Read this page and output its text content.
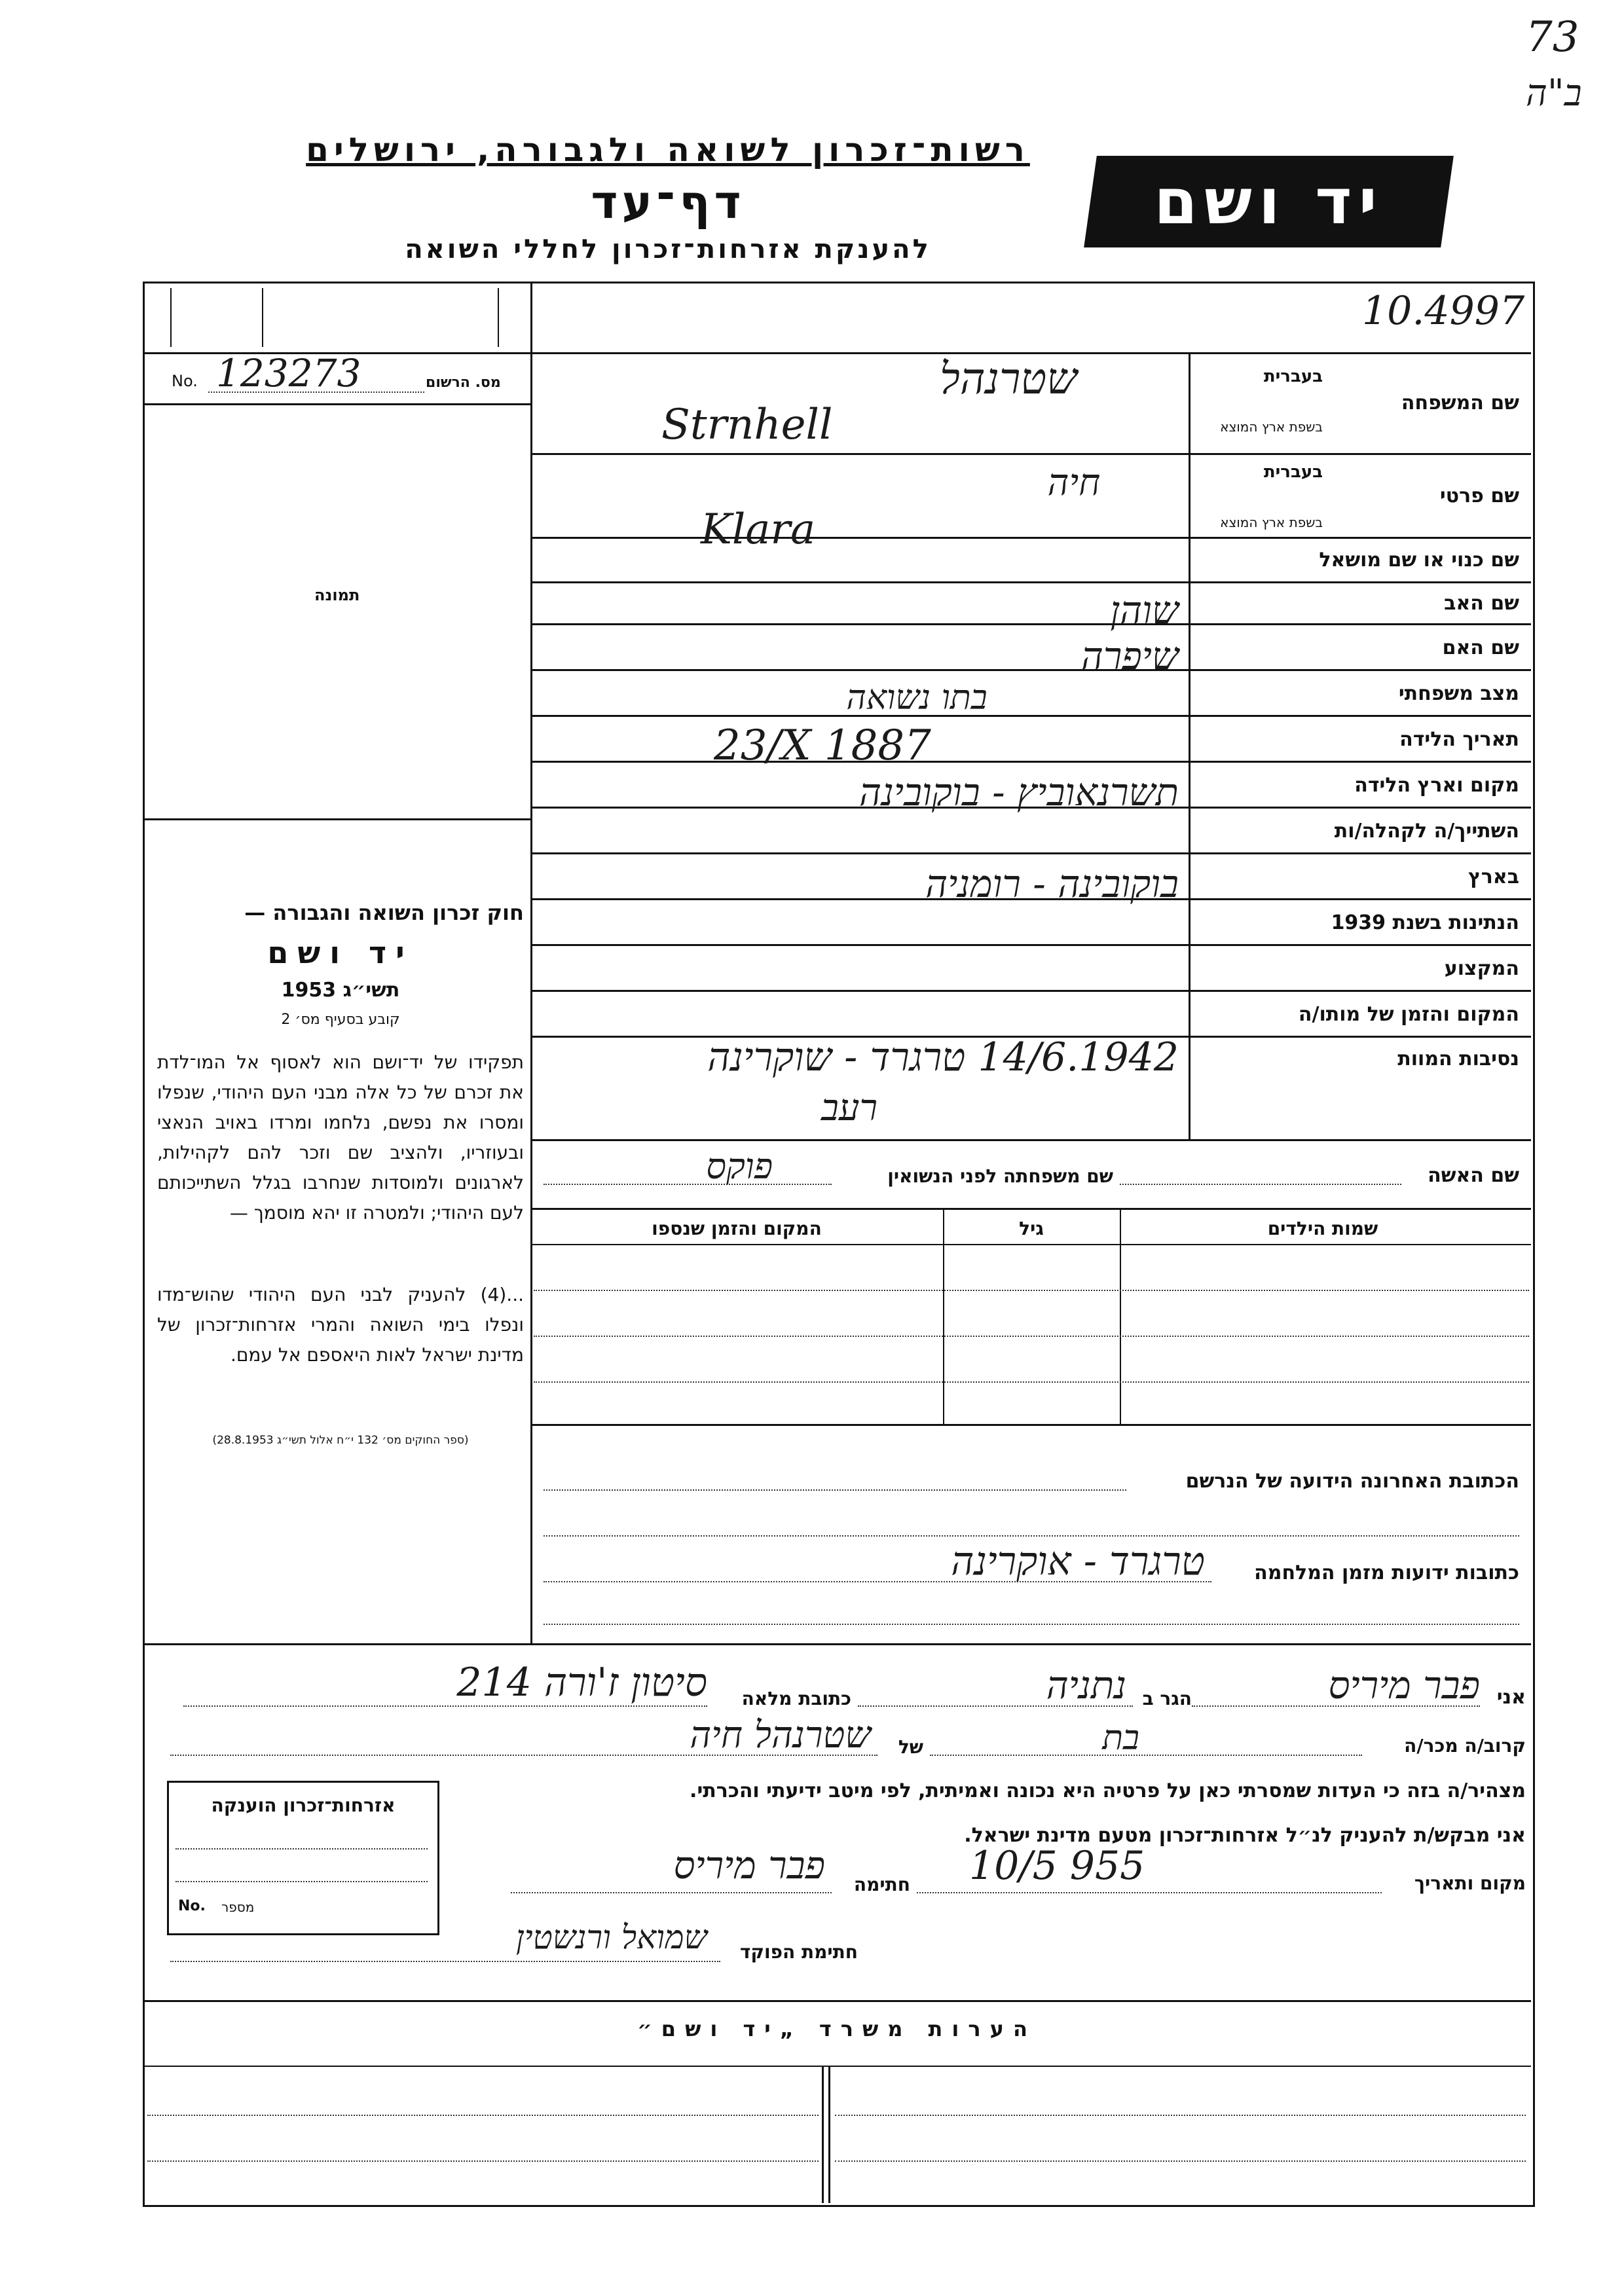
73
ב"ה
רשות־זכרון לשואה ולגבורה, ירושלים
דף־עד
להענקת אזרחות־זכרון לחללי השואה
יד ושם
10.4997
No. 123273	מס. הרשום
תמונה
שם המשפחה
בעברית
בשפת ארץ המוצא
שם פרטי
בעברית
בשפת ארץ המוצא
שם כנוי או שם מושאל
שם האב
שם האם
מצב משפחתי
תאריך הלידה
מקום וארץ הלידה
השתייך/ה לקהלה/ות
בארץ
הנתינות בשנת 1939
המקצוע
המקום והזמן של מותו/ה
נסיבות המוות
שטרנהל
Strnhell
חיה
Klara
שוהן
שיפרה
בתו נשואה
23/X 1887
תשרנאוביץ - בוקובינה
בוקובינה - רומניה
14/6.1942 טרגרד - שוקרינה
רעב
שם האשה
שם משפחתה לפני הנשואין
פוקס
שמות הילדים
גיל
המקום והזמן שנספו
הכתובת האחרונה הידועה של הנרשם
כתובות ידועות מזמן המלחמה
טרגרד - אוקרינה
חוק זכרון השואה והגבורה —
יד ושם
תשי״ג 1953
קובע בסעיף מס׳ 2
תפקידו של יד־ושם הוא לאסוף אל המו־לדת את זכרם של כל אלה מבני העם היהודי, שנפלו ומסרו את נפשם, נלחמו ומרדו באויב הנאצי ובעוזריו, ולהציב שם וזכר להם לקהילות, לארגונים ולמוסדות שנחרבו בגלל השתייכותם לעם היהודי; ולמטרה זו יהא מוסמך —
...(4) להעניק לבני העם היהודי שהוש־מדו ונפלו בימי השואה והמרי אזרחות־זכרון של מדינת ישראל לאות היאספם אל עמם.
(ספר החוקים מס׳ 132 י״ח אלול תשי״ג 28.8.1953)
אני
פבר מיריס
הגר ב
נתניה
כתובת מלאה
סיטון ז'ורה 214
קרוב/ה מכר/ה
בת
של
שטרנהל חיה
מצהיר/ה בזה כי העדות שמסרתי כאן על פרטיה היא נכונה ואמיתית, לפי מיטב ידיעתי והכרתי.
אני מבקש/ת להעניק לנ״ל אזרחות־זכרון מטעם מדינת ישראל.
מקום ותאריך
10/5 955
חתימה
פבר מיריס
אזרחות־זכרון הוענקה
No. מספר
חתימת הפוקד
שמואל ורנשטין
הערות משרד „יד ושם״
